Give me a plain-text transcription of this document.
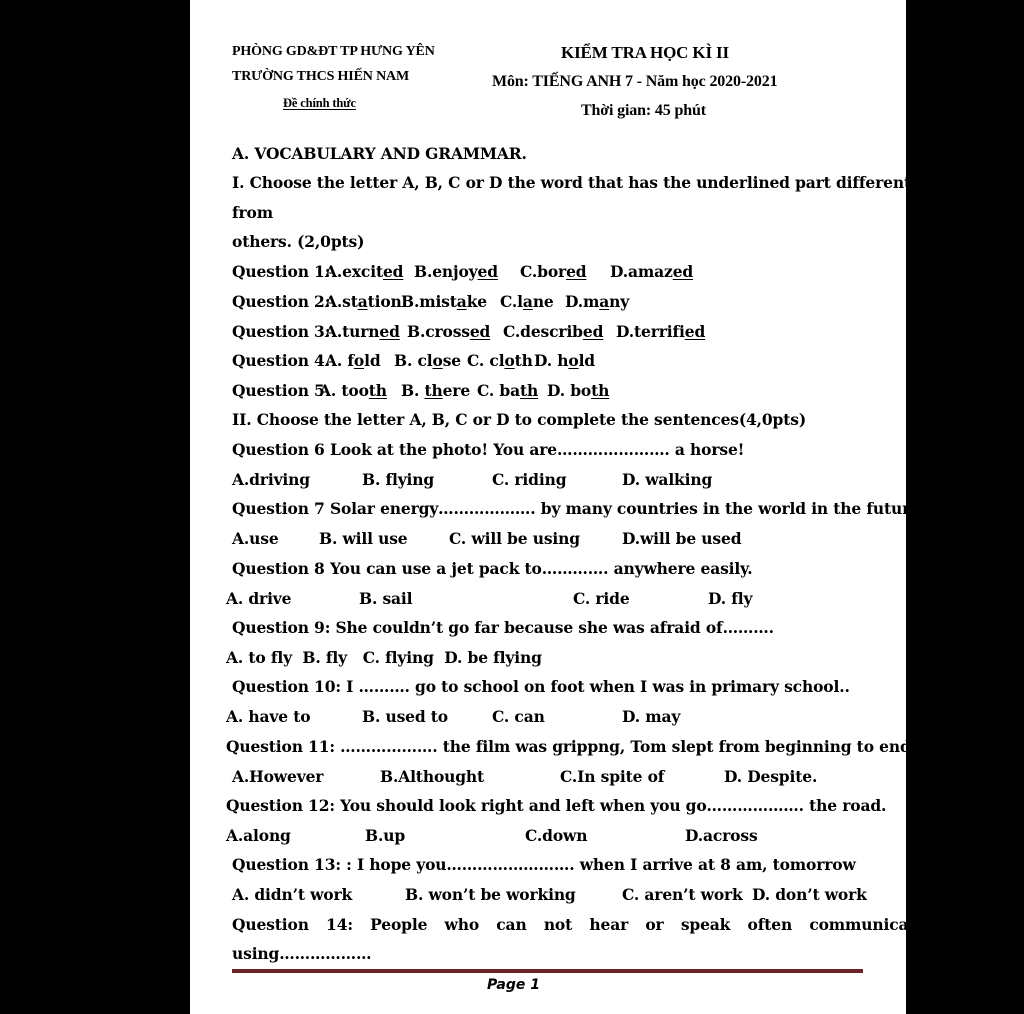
PHÒNG GD&ĐT TP HƯNG YÊN
TRƯỜNG THCS HIẾN NAM
Đề chính thức
KIỂM TRA HỌC KÌ II
Môn: TIẾNG ANH 7 - Năm học 2020-2021
Thời gian: 45 phút
A. VOCABULARY AND GRAMMAR.
I. Choose the letter A, B, C or D the word that has the underlined part different
from
others. (2,0pts)
Question 1:
A.excited B.enjoyed C.bored D.amazed
Question 2:
A.station B.mistake C.lane D.many
Question 3:
A.turned B.crossed C.described D.terrified
Question 4.
A. fold B. close C. cloth D. hold
Question 5
A. tooth B. there C. bath D. both
II. Choose the letter A, B, C or D to complete the sentences(4,0pts)
Question 6 Look at the photo! You are…………………. a horse!
A.driving	B. flying	C. riding	D. walking
Question 7 Solar energy………………. by many countries in the world in the future.
A.use	B. will use	C. will be using	D.will be used
Question 8 You can use a jet pack to…………. anywhere easily.
A. drive	B. sail	C. ride	D. fly
Question 9: She couldn’t go far because she was afraid of……….
A. to fly  B. fly   C. flying  D. be flying
Question 10: I ………. go to school on foot when I was in primary school..
A. have to	B. used to	C. can	D. may
Question 11: ………………. the film was grippng, Tom slept from beginning to end.
A.However	B.Althought	C.In spite of	D. Despite.
Question 12: You should look right and left when you go………………. the road.
A.along	B.up	C.down	D.across
Question 13: : I hope you……………………. when I arrive at 8 am, tomorrow
A. didn’t work	B. won’t be working	C. aren’t work D. don’t work
Question 14: People who can not hear or speak often communicate
using………………
Page 1
